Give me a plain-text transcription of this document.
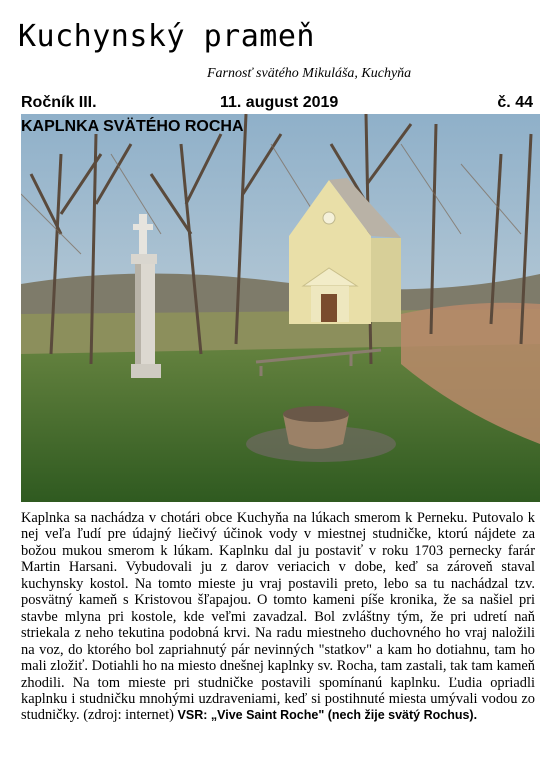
Kuchynský prameň
Farnosť svätého Mikuláša, Kuchyňa
Ročník III.	11. august 2019	č. 44
KAPLNKA SVÄTÉHO ROCHA

Kaplnka sa nachádza v chotári obce Kuchyňa na lúkach smerom k Perneku. Putovalo k nej veľa ľudí pre údajný liečivý účinok vody v miestnej studničke, ktorú nájdete za božou mukou smerom k lúkam. Kaplnku dal ju postaviť v roku 1703 pernecky farár Martin Harsani. Vybudovali ju z darov veriacich v dobe, keď sa zároveň staval kuchynsky kostol. Na tomto mieste ju vraj postavili preto, lebo sa tu nachádzal tzv. posvätný kameň s Kristovou šľapajou. O tomto kameni píše kronika, že sa našiel pri stavbe mlyna pri kostole, kde veľmi zavadzal. Bol zvláštny tým, že pri udretí naň striekala z neho tekutina podobná krvi. Na radu miestneho duchovného ho vraj naložili na voz, do ktorého bol zapriahnutý pár nevinných "statkov" a kam ho dotiahnu, tam ho mali zložiť. Dotiahli ho na miesto dnešnej kaplnky sv. Rocha, tam zastali, tak tam kameň zhodili. Na tom mieste pri studničke postavili spomínanú kaplnku. Ľudia opriadli kaplnku i studničku mnohými uzdraveniami, keď si postihnuté miesta umývali vodou zo studničky. (zdroj: internet) VSR: „Vive Saint Roche" (nech žije svätý Rochus).
